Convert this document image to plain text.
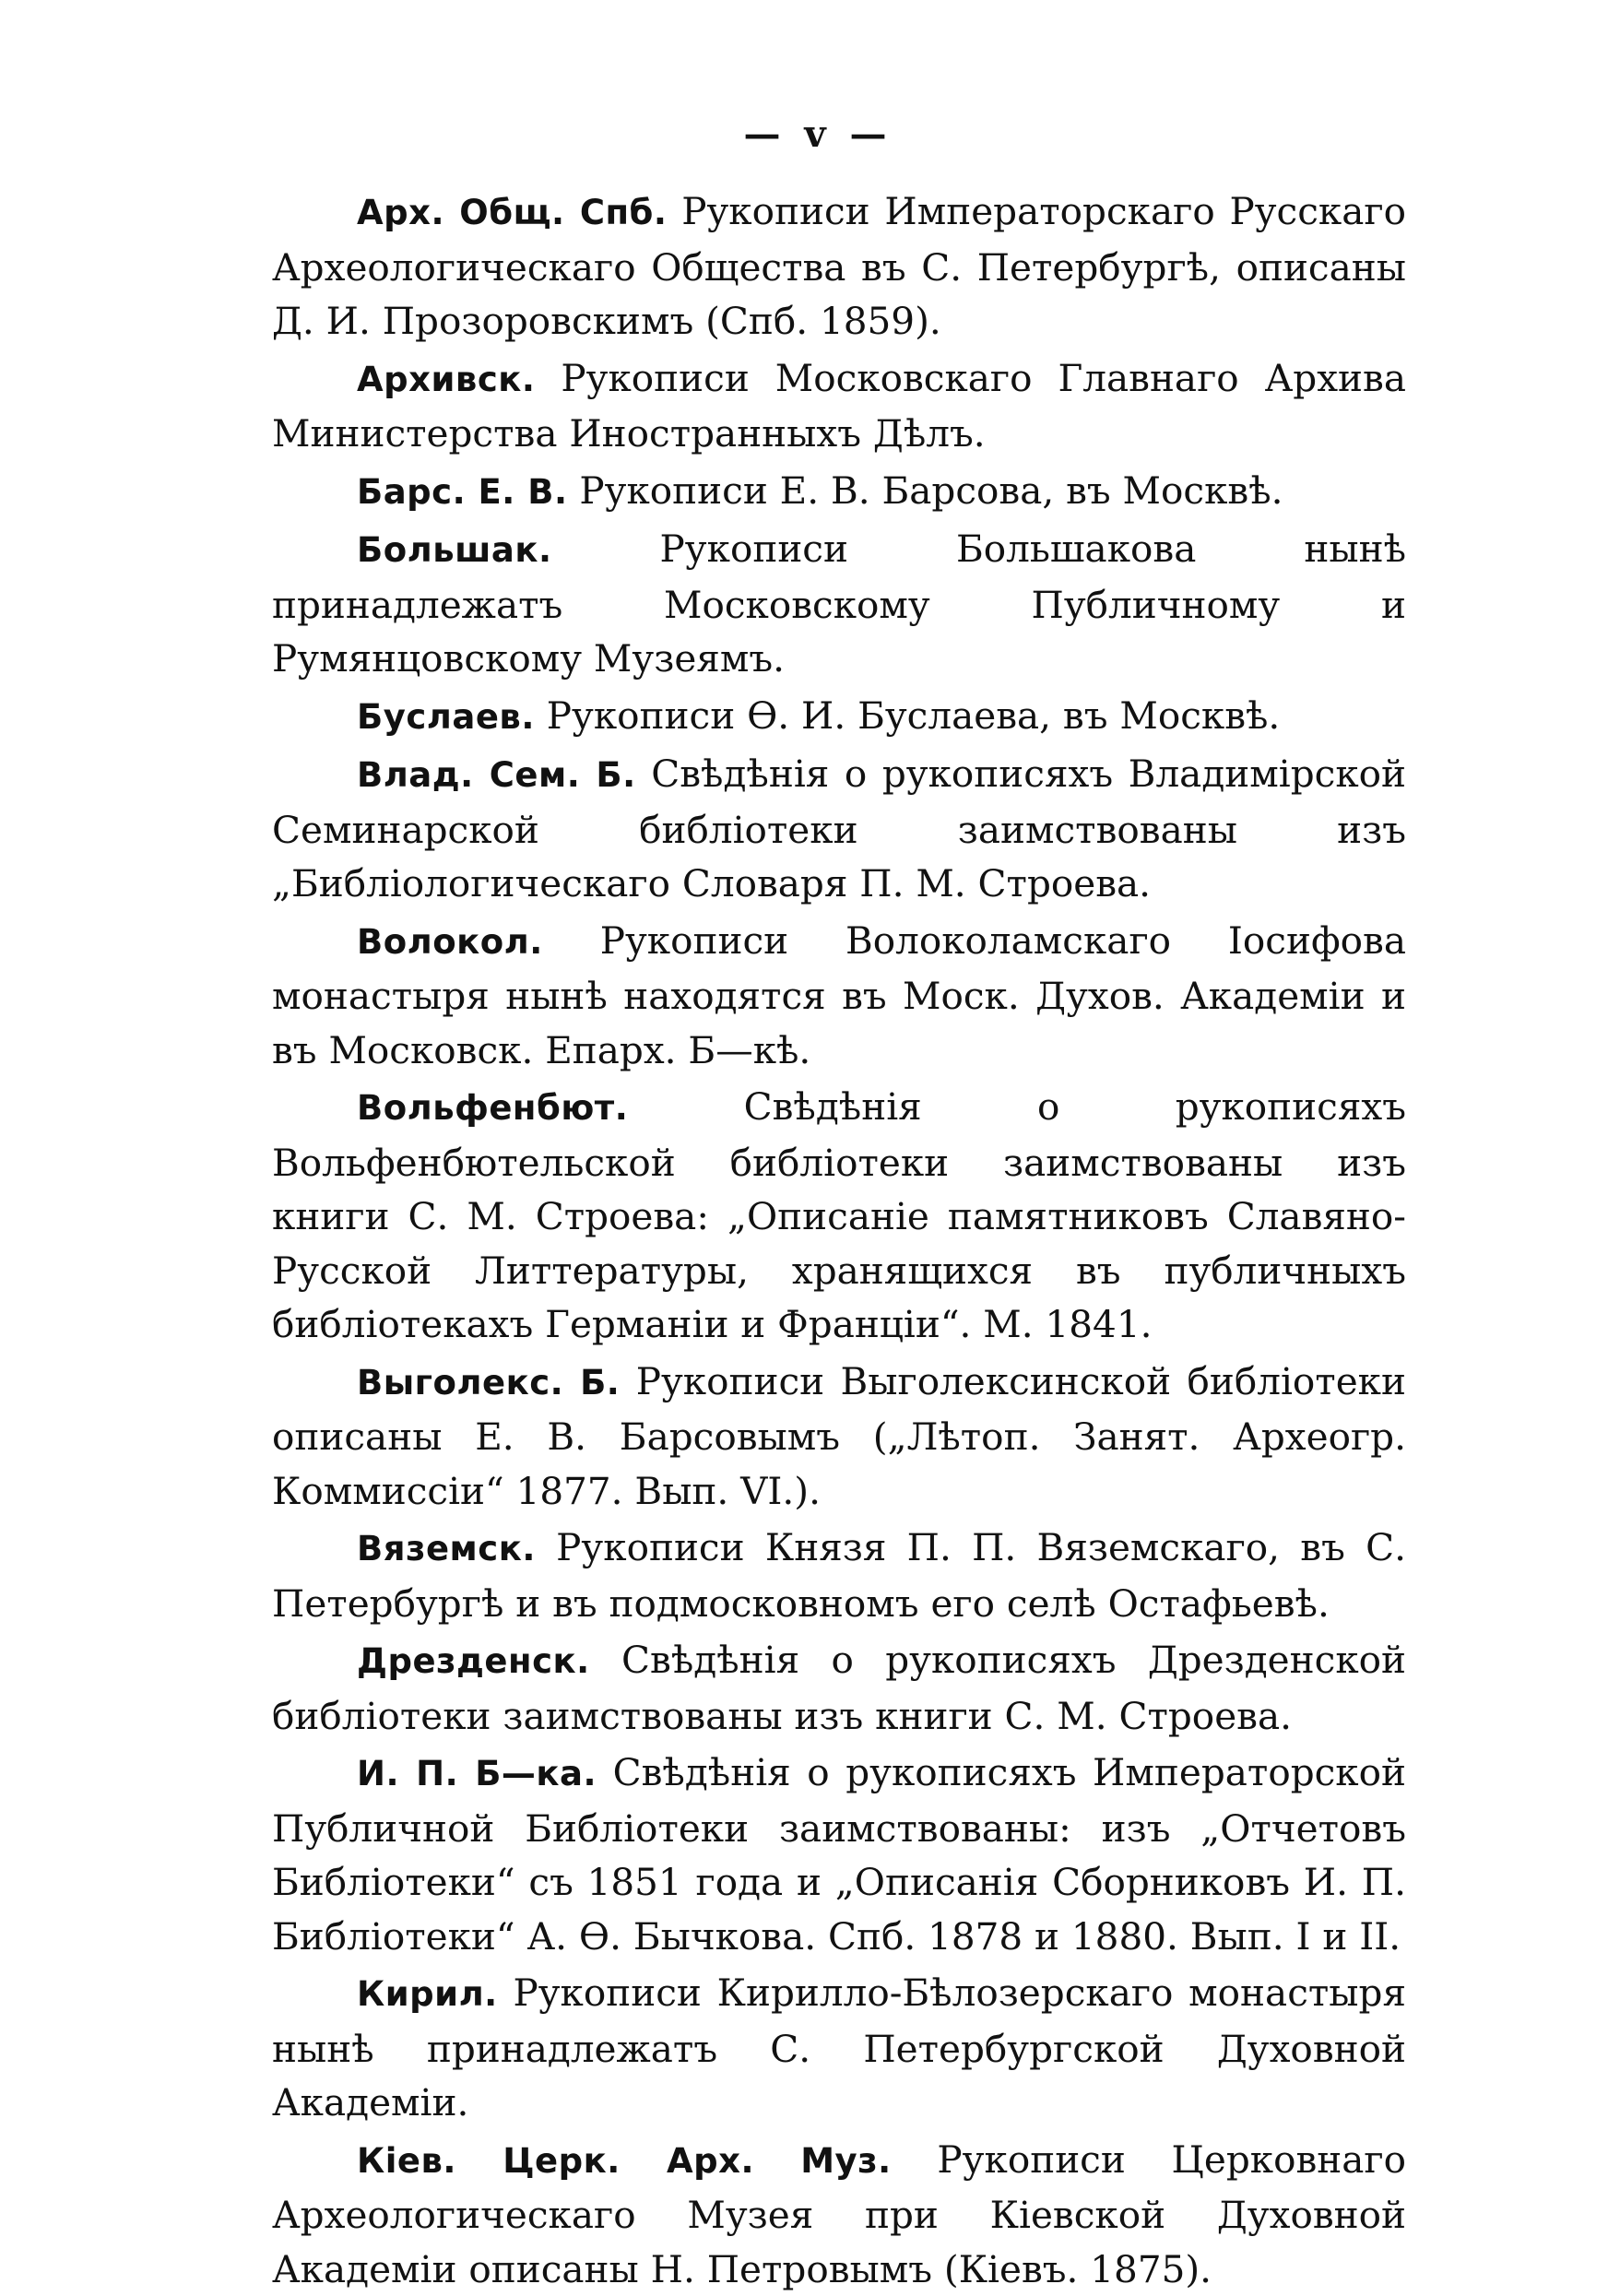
— v —

Арх. Общ. Спб. Рукописи Императорскаго Русскаго Археологическаго Общества въ С. Петербургѣ, описаны Д. И. Прозоровскимъ (Спб. 1859).

Архивск. Рукописи Московскаго Главнаго Архива Министерства Иностранныхъ Дѣлъ.

Барс. Е. В. Рукописи Е. В. Барсова, въ Москвѣ.

Большак.	Рукописи Большакова нынѣ принадлежатъ Московскому Публичному и Румянцовскому Музеямъ.

Буслаев. Рукописи Ѳ. И. Буслаева, въ Москвѣ.

Влад. Сем. Б. Свѣдѣнія о рукописяхъ Владимірской Семинарской библіотеки заимствованы изъ „Библіологическаго Словаря П. М. Строева.

Волокол. Рукописи Волоколамскаго Іосифова монастыря нынѣ находятся въ Моск. Духов. Академіи и въ Московск. Епарх. Б—кѣ.

Вольфенбют.	Свѣдѣнія о рукописяхъ Вольфенбютельской библіотеки заимствованы изъ книги С. М. Строева: „Описаніе памятниковъ Славяно-Русской Литтературы, хранящихся въ публичныхъ библіотекахъ Германіи и Франціи“. М. 1841.

Выголекс. Б. Рукописи Выголексинской библіотеки описаны Е. В. Барсовымъ („Лѣтоп. Занят. Археогр. Коммиссіи“ 1877. Вып. VI.).

Вяземск. Рукописи Князя П. П. Вяземскаго, въ С. Петербургѣ и въ подмосковномъ его селѣ Остафьевѣ.

Дрезденск. Свѣдѣнія о рукописяхъ Дрезденской библіотеки заимствованы изъ книги С. М. Строева.

И. П. Б—ка. Свѣдѣнія о рукописяхъ Императорской Публичной Библіотеки заимствованы: изъ „Отчетовъ Библіотеки“ съ 1851 года и „Описанія Сборниковъ И. П. Библіотеки“ А. Ѳ. Бычкова. Спб. 1878 и 1880. Вып. I и II.

Кирил. Рукописи Кирилло-Бѣлозерскаго монастыря нынѣ принадлежатъ С. Петербургской Духовной Академіи.

Кіев. Церк. Арх. Муз. Рукописи Церковнаго Археологическаго Музея при Кіевской Духовной Академіи описаны Н. Петровымъ (Кіевъ. 1875).
